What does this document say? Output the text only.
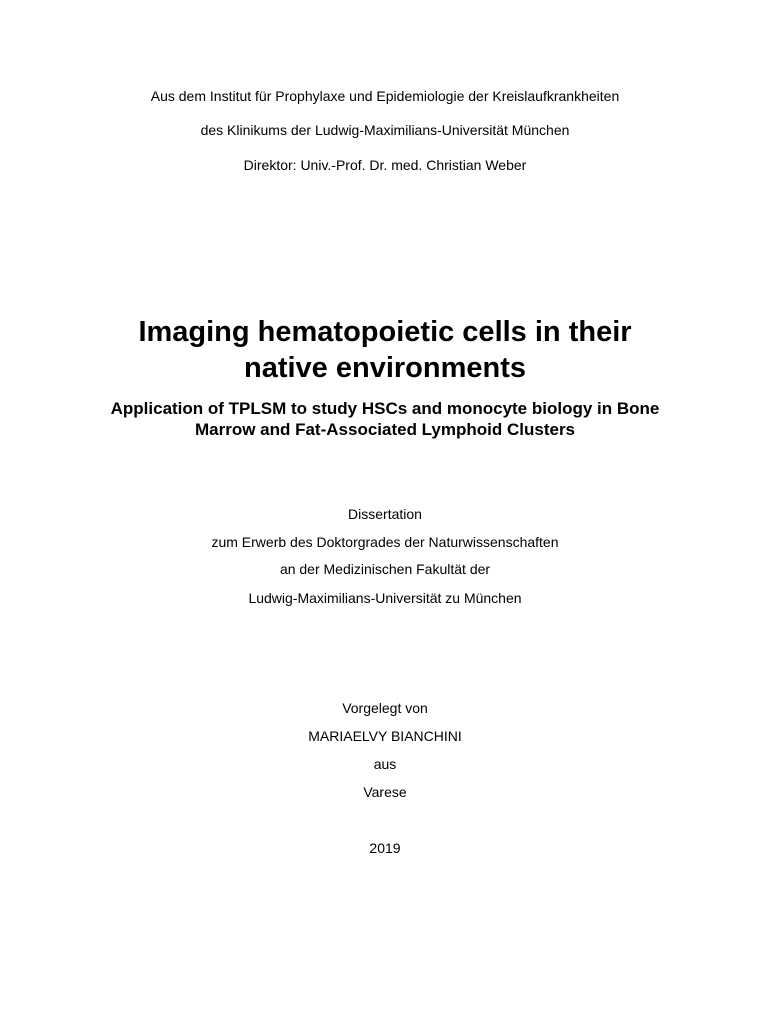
Aus dem Institut für Prophylaxe und Epidemiologie der Kreislaufkrankheiten
des Klinikums der Ludwig-Maximilians-Universität München
Direktor: Univ.-Prof. Dr. med. Christian Weber
Imaging hematopoietic cells in their
native environments
Application of TPLSM to study HSCs and monocyte biology in Bone
Marrow and Fat-Associated Lymphoid Clusters
Dissertation
zum Erwerb des Doktorgrades der Naturwissenschaften
an der Medizinischen Fakultät der
Ludwig-Maximilians-Universität zu München
Vorgelegt von
MARIAELVY BIANCHINI
aus
Varese
2019
